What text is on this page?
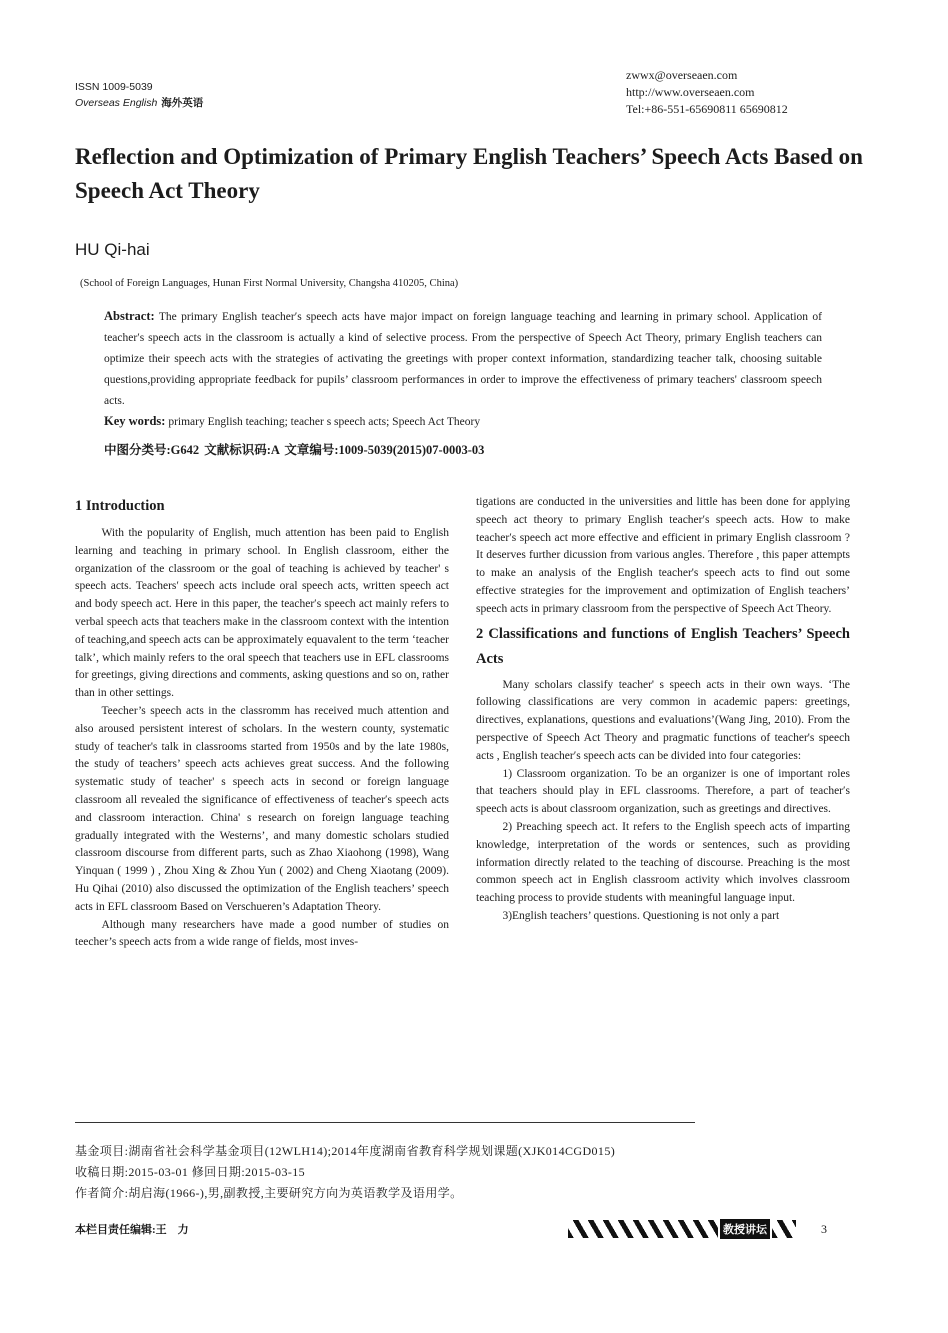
ISSN 1009-5039
Overseas English 海外英语
zwwx@overseaen.com
http://www.overseaen.com
Tel:+86-551-65690811 65690812
Reflection and Optimization of Primary English Teachers’ Speech Acts Based on Speech Act Theory
HU Qi-hai
(School of Foreign Languages, Hunan First Normal University, Changsha 410205, China)
Abstract: The primary English teacher′s speech acts have major impact on foreign language teaching and learning in primary school. Application of teacher′s speech acts in the classroom is actually a kind of selective process. From the perspective of Speech Act Theory, primary English teachers can optimize their speech acts with the strategies of activating the greetings with proper context information, standardizing teacher talk, choosing suitable questions,providing appropriate feedback for pupils’ classroom performances in order to improve the effectiveness of primary teachers' classroom speech acts.
Key words: primary English teaching; teacher s speech acts; Speech Act Theory
中图分类号:G642 文献标识码:A 文章编号:1009-5039(2015)07-0003-03
1 Introduction

With the popularity of English, much attention has been paid to English learning and teaching in primary school. In English classroom, either the organization of the classroom or the goal of teaching is achieved by teacher' s speech acts. Teachers′ speech acts include oral speech acts, written speech act and body speech act. Here in this paper, the teacher′s speech act mainly refers to verbal speech acts that teachers make in the classroom context with the intention of teaching,and speech acts can be approximately equavalent to the term ‘teacher talk’, which mainly refers to the oral speech that teachers use in EFL classrooms for greetings, giving directions and comments, asking questions and so on, rather than in other settings.

Teecher’s speech acts in the classromm has received much attention and also aroused persistent interest of scholars. In the western county, systematic study of teacher's talk in classrooms started from 1950s and by the late 1980s, the study of teachers’ speech acts achieves great success. And the following systematic study of teacher' s speech acts in second or foreign language classroom all revealed the significance of effectiveness of teacher′s speech acts and classroom interaction. China' s research on foreign language teaching gradually integrated with the Westerns’, and many domestic scholars studied classroom discourse from different parts, such as Zhao Xiaohong (1998), Wang Yinquan ( 1999 ) , Zhou Xing & Zhou Yun ( 2002) and Cheng Xiaotang (2009). Hu Qihai (2010) also discussed the optimization of the English teachers’ speech acts in EFL classroom Based on Verschueren’s Adaptation Theory.

Although many researchers have made a good number of studies on teecher’s speech acts from a wide range of fields, most inves-

tigations are conducted in the universities and little has been done for applying speech act theory to primary English teacher′s speech acts. How to make teacher′s speech act more effective and efficient in primary English classroom ? It deserves further dicussion from various angles. Therefore , this paper attempts to make an analysis of the English teacher's speech acts to find out some effective strategies for the improvement and optimization of English teachers’ speech acts in primary classroom from the perspective of Speech Act Theory.

2 Classifications and functions of English Teachers’ Speech Acts

Many scholars classify teacher' s speech acts in their own ways. ‘The following classifications are very common in academic papers: greetings, directives, explanations, questions and evaluations’(Wang Jing, 2010). From the perspective of Speech Act Theory and pragmatic functions of teacher's speech acts , English teacher′s speech acts can be divided into four categories:

1) Classroom organization. To be an organizer is one of important roles that teachers should play in EFL classrooms. Therefore, a part of teacher′s speech acts is about classroom organization, such as greetings and directives.

2) Preaching speech act. It refers to the English speech acts of imparting knowledge, interpretation of the words or sentences, such as providing information directly related to the teaching of discourse. Preaching is the most common speech act in English classroom activity which involves classroom teaching process to provide students with meaningful language input.

3)English teachers’ questions. Questioning is not only a part

基金项目:湖南省社会科学基金项目(12WLH14);2014年度湖南省教育科学规划课题(XJK014CGD015)
收稿日期:2015-03-01 修回日期:2015-03-15
作者简介:胡启海(1966-),男,副教授,主要研究方向为英语教学及语用学。
本栏目责任编辑:王　力	教授讲坛	3
